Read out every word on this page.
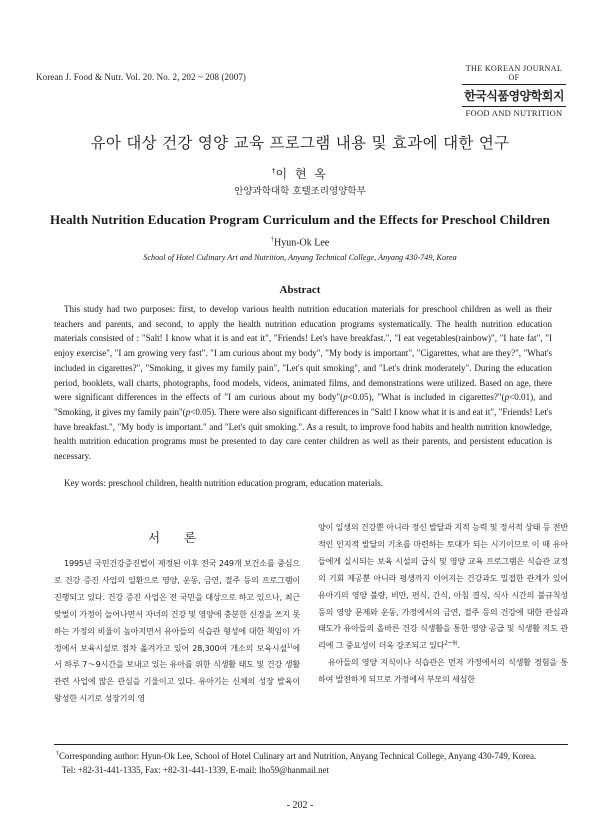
Korean J. Food & Nutr. Vol. 20. No. 2, 202 ~ 208 (2007)
THE KOREAN JOURNAL OF
한국식품영양학회지
FOOD AND NUTRITION
유아 대상 건강 영양 교육 프로그램 내용 및 효과에 대한 연구
†이 현 옥
안양과학대학 호텔조리영양학부
Health Nutrition Education Program Curriculum and the Effects for Preschool Children
†Hyun-Ok Lee
School of Hotel Culinary Art and Nutrition, Anyang Technical College, Anyang 430-749, Korea
Abstract

This study had two purposes: first, to develop various health nutrition education materials for preschool children as well as their teachers and parents, and second, to apply the health nutrition education programs systematically. The health nutrition education materials consisted of : "Salt! I know what it is and eat it", "Friends! Let's have breakfast.", "I eat vegetables(rainbow)", "I hate fat", "I enjoy exercise", "I am growing very fast". "I am curious about my body", "My body is important", "Cigarettes, what are they?", "What's included in cigarettes?", "Smoking, it gives my family pain", "Let's quit smoking", and "Let's drink moderately". During the education period, booklets, wall charts, photographs, food models, videos, animated films, and demonstrations were utilized. Based on age, there were significant differences in the effects of "I am curious about my body"(p<0.05), "What is included in cigarettes?"(p<0.01), and "Smoking, it gives my family pain"(p<0.05). There were also significant differences in "Salt! I know what it is and eat it", "Friends! Let's have breakfast.", "My body is important." and "Let's quit smoking.". As a result, to improve food habits and health nutrition knowledge, health nutrition education programs must be presented to day care center children as well as their parents, and persistent education is necessary.

Key words: preschool children, health nutrition education program, education materials.
서 론

1995년 국민건강증진법이 제정된 이후 전국 249개 보건소를 중심으로 건강 증진 사업의 일환으로 영양, 운동, 금연, 절주 등의 프로그램이 진행되고 있다. 건강 증진 사업은 전 국민을 대상으로 하고 있으나, 최근 맞벌이 가정이 늘어나면서 자녀의 건강 및 영양에 충분한 신경을 쓰지 못하는 가정의 비율이 높아지면서 유아들의 식습관 형성에 대한 책임이 가정에서 보육시설로 점차 옮겨가고 있어 28,300여 개소의 보육시설$^{1)}$에서 하루 7～9시간을 보내고 있는 유아를 위한 식생활 태도 및 건강 생활 관련 사업에 많은 관심을 기울이고 있다. 유아기는 신체의 성장 발육이 왕성한 시기로 성장기의 영

양이 일생의 건강뿐 아니라 정신 발달과 지적 능력 및 정서적 상태 등 전반적인 인지적 발달의 기초를 마련하는 토대가 되는 시기이므로 이 때 유아들에게 실시되는 보육 시설의 급식 및 영양 교육 프로그램은 식습관 교정의 기회 제공뿐 아니라 평생까지 이어지는 건강과도 밀접한 관계가 있어 유아기의 영양 불량, 비만, 편식, 간식, 아침 결식, 식사 시간의 불규칙성 등의 영양 문제와 운동, 가정에서의 금연, 절주 등의 건강에 대한 관심과 태도가 유아들의 올바른 건강 식생활을 통한 영양 공급 및 식생활 지도 관리에 그 중요성이 더욱 강조되고 있다$^{2\sim 9)}$.

유아들의 영양 지식이나 식습관은 먼저 가정에서의 식생활 경험을 통하여 발전하게 되므로 가정에서 부모의 세심한

†Corresponding author: Hyun-Ok Lee, School of Hotel Culinary art and Nutrition, Anyang Technical College, Anyang 430-749, Korea.

Tel: +82-31-441-1335, Fax: +82-31-441-1339, E-mail: lho59@hanmail.net

- 202 -
